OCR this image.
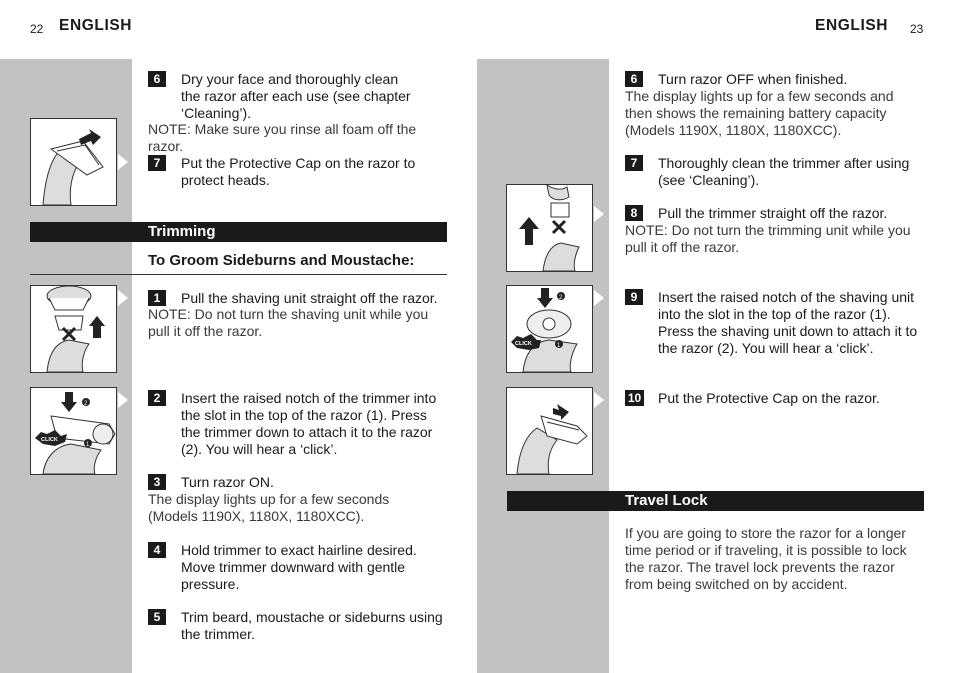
22 ENGLISH
6	Dry your face and thoroughly clean the razor after each use (see chapter ‘Cleaning’).
NOTE: Make sure you rinse all foam off the razor.
7	Put the Protective Cap on the razor to protect heads.
Trimming
To Groom Sideburns and Moustache:
1	Pull the shaving unit straight off the razor.
NOTE: Do not turn the shaving unit while you pull it off the razor.
2
1
CLICK
2	Insert the raised notch of the trimmer into the slot in the top of the razor (1). Press the trimmer down to attach it to the razor (2). You will hear a ‘click’.
3	Turn razor ON.
The display lights up for a few seconds (Models 1190X, 1180X, 1180XCC).
4	Hold trimmer to exact hairline desired. Move trimmer downward with gentle pressure.
5	Trim beard, moustache or sideburns using the trimmer.
ENGLISH 23
6	Turn razor OFF when finished.
The display lights up for a few seconds and then shows the remaining battery capacity (Models 1190X, 1180X, 1180XCC).
7	Thoroughly clean the trimmer after using (see ‘Cleaning’).
8	Pull the trimmer straight off the razor.
NOTE: Do not turn the trimming unit while you pull it off the razor.
2
1
CLICK
9	Insert the raised notch of the shaving unit into the slot in the top of the razor (1). Press the shaving unit down to attach it to the razor (2). You will hear a ‘click’.
10 Put the Protective Cap on the razor.
Travel Lock
If you are going to store the razor for a longer time period or if traveling, it is possible to lock the razor. The travel lock prevents the razor from being switched on by accident.
